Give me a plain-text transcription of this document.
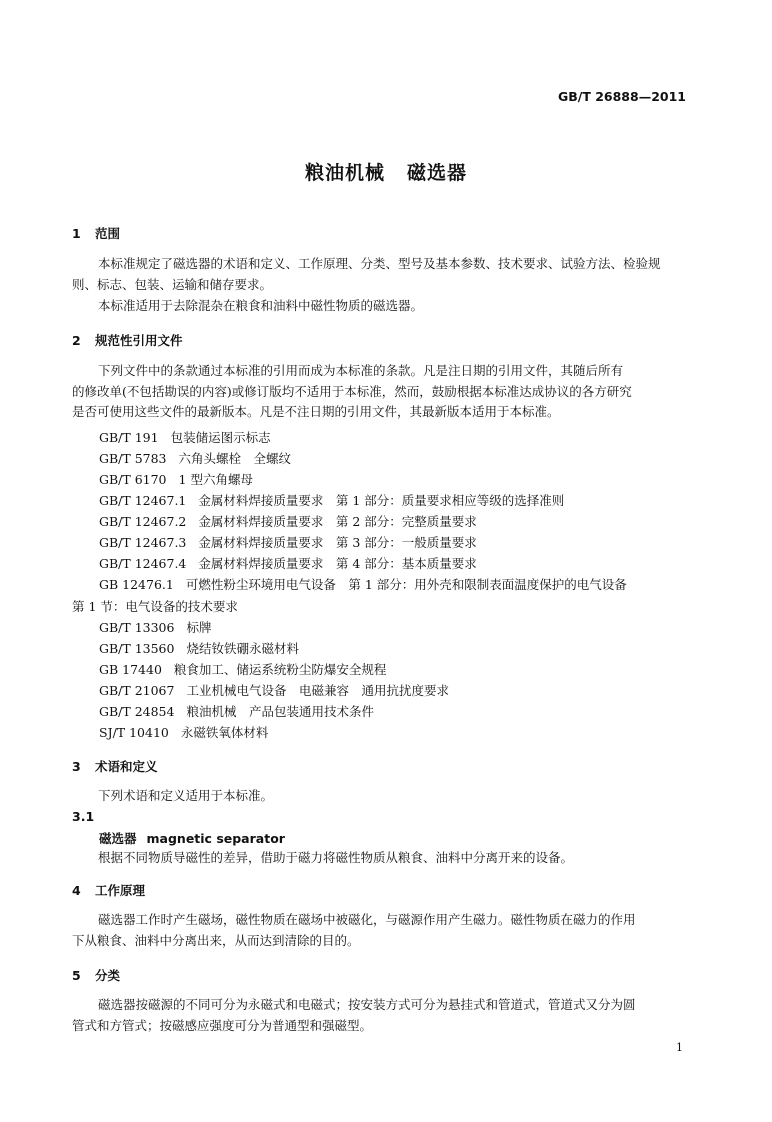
GB/T 26888—2011
粮油机械 磁选器
1 范围
本标准规定了磁选器的术语和定义、工作原理、分类、型号及基本参数、技术要求、试验方法、检验规
则、标志、包装、运输和储存要求。
本标准适用于去除混杂在粮食和油料中磁性物质的磁选器。
2 规范性引用文件
下列文件中的条款通过本标准的引用而成为本标准的条款。凡是注日期的引用文件，其随后所有
的修改单(不包括勘误的内容)或修订版均不适用于本标准，然而，鼓励根据本标准达成协议的各方研究
是否可使用这些文件的最新版本。凡是不注日期的引用文件，其最新版本适用于本标准。
GB/T 191 包装储运图示标志
GB/T 5783 六角头螺栓　全螺纹
GB/T 6170 1 型六角螺母
GB/T 12467.1 金属材料焊接质量要求　第 1 部分：质量要求相应等级的选择准则
GB/T 12467.2 金属材料焊接质量要求　第 2 部分：完整质量要求
GB/T 12467.3 金属材料焊接质量要求　第 3 部分：一般质量要求
GB/T 12467.4 金属材料焊接质量要求　第 4 部分：基本质量要求
GB 12476.1 可燃性粉尘环境用电气设备　第 1 部分：用外壳和限制表面温度保护的电气设备
第 1 节：电气设备的技术要求
GB/T 13306 标牌
GB/T 13560 烧结钕铁硼永磁材料
GB 17440 粮食加工、储运系统粉尘防爆安全规程
GB/T 21067 工业机械电气设备　电磁兼容　通用抗扰度要求
GB/T 24854 粮油机械　产品包装通用技术条件
SJ/T 10410 永磁铁氧体材料
3 术语和定义
下列术语和定义适用于本标准。
3.1
磁选器 magnetic separator
根据不同物质导磁性的差异，借助于磁力将磁性物质从粮食、油料中分离开来的设备。
4 工作原理
磁选器工作时产生磁场，磁性物质在磁场中被磁化，与磁源作用产生磁力。磁性物质在磁力的作用
下从粮食、油料中分离出来，从而达到清除的目的。
5 分类
磁选器按磁源的不同可分为永磁式和电磁式；按安装方式可分为悬挂式和管道式，管道式又分为圆
管式和方管式；按磁感应强度可分为普通型和强磁型。
1
